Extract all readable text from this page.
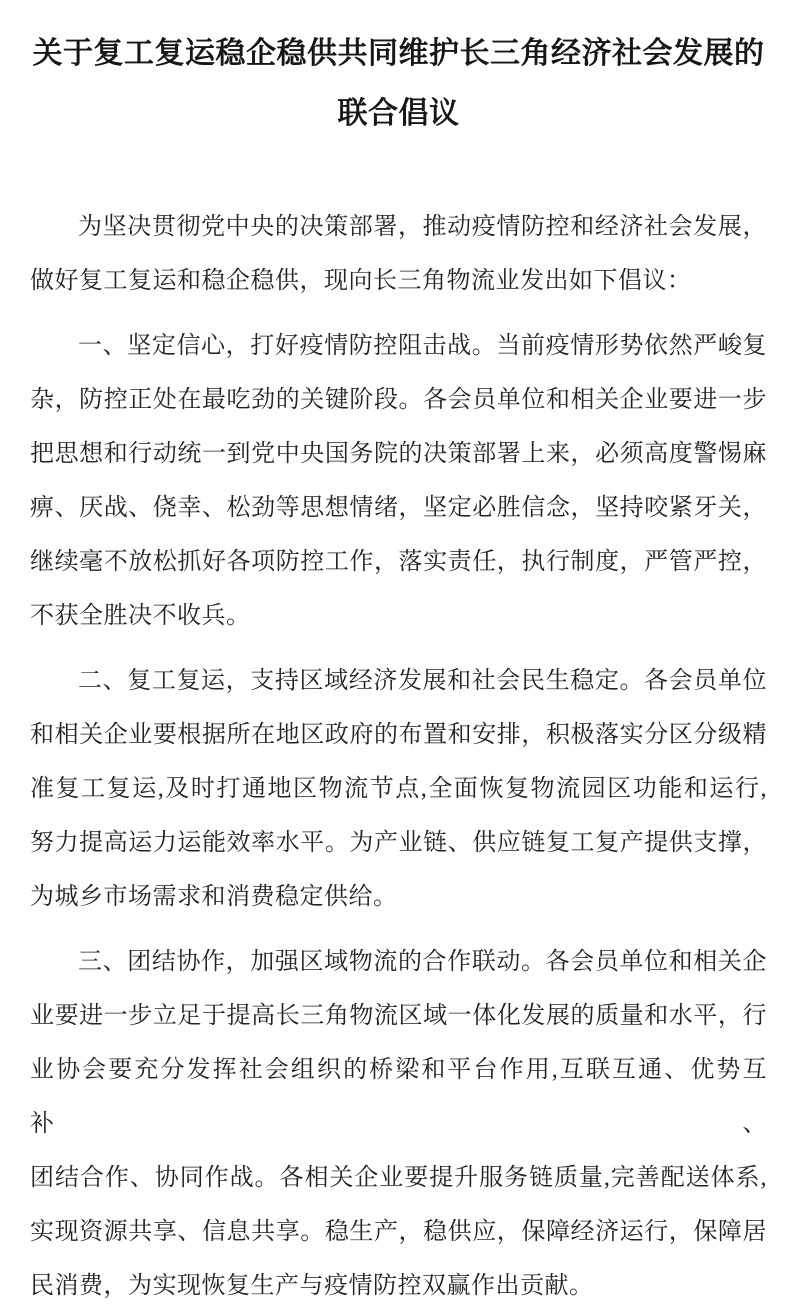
关于复工复运稳企稳供共同维护长三角经济社会发展的
联合倡议
为坚决贯彻党中央的决策部署，推动疫情防控和经济社会发展，
做好复工复运和稳企稳供，现向长三角物流业发出如下倡议：
一、坚定信心，打好疫情防控阻击战。当前疫情形势依然严峻复
杂，防控正处在最吃劲的关键阶段。各会员单位和相关企业要进一步
把思想和行动统一到党中央国务院的决策部署上来，必须高度警惕麻
痹、厌战、侥幸、松劲等思想情绪，坚定必胜信念，坚持咬紧牙关，
继续毫不放松抓好各项防控工作，落实责任，执行制度，严管严控，
不获全胜决不收兵。
二、复工复运，支持区域经济发展和社会民生稳定。各会员单位
和相关企业要根据所在地区政府的布置和安排，积极落实分区分级精
准复工复运,及时打通地区物流节点,全面恢复物流园区功能和运行,
努力提高运力运能效率水平。为产业链、供应链复工复产提供支撑，
为城乡市场需求和消费稳定供给。
三、团结协作，加强区域物流的合作联动。各会员单位和相关企
业要进一步立足于提高长三角物流区域一体化发展的质量和水平，行
业协会要充分发挥社会组织的桥梁和平台作用,互联互通、优势互补、
团结合作、协同作战。各相关企业要提升服务链质量,完善配送体系,
实现资源共享、信息共享。稳生产，稳供应，保障经济运行，保障居
民消费，为实现恢复生产与疫情防控双赢作出贡献。
